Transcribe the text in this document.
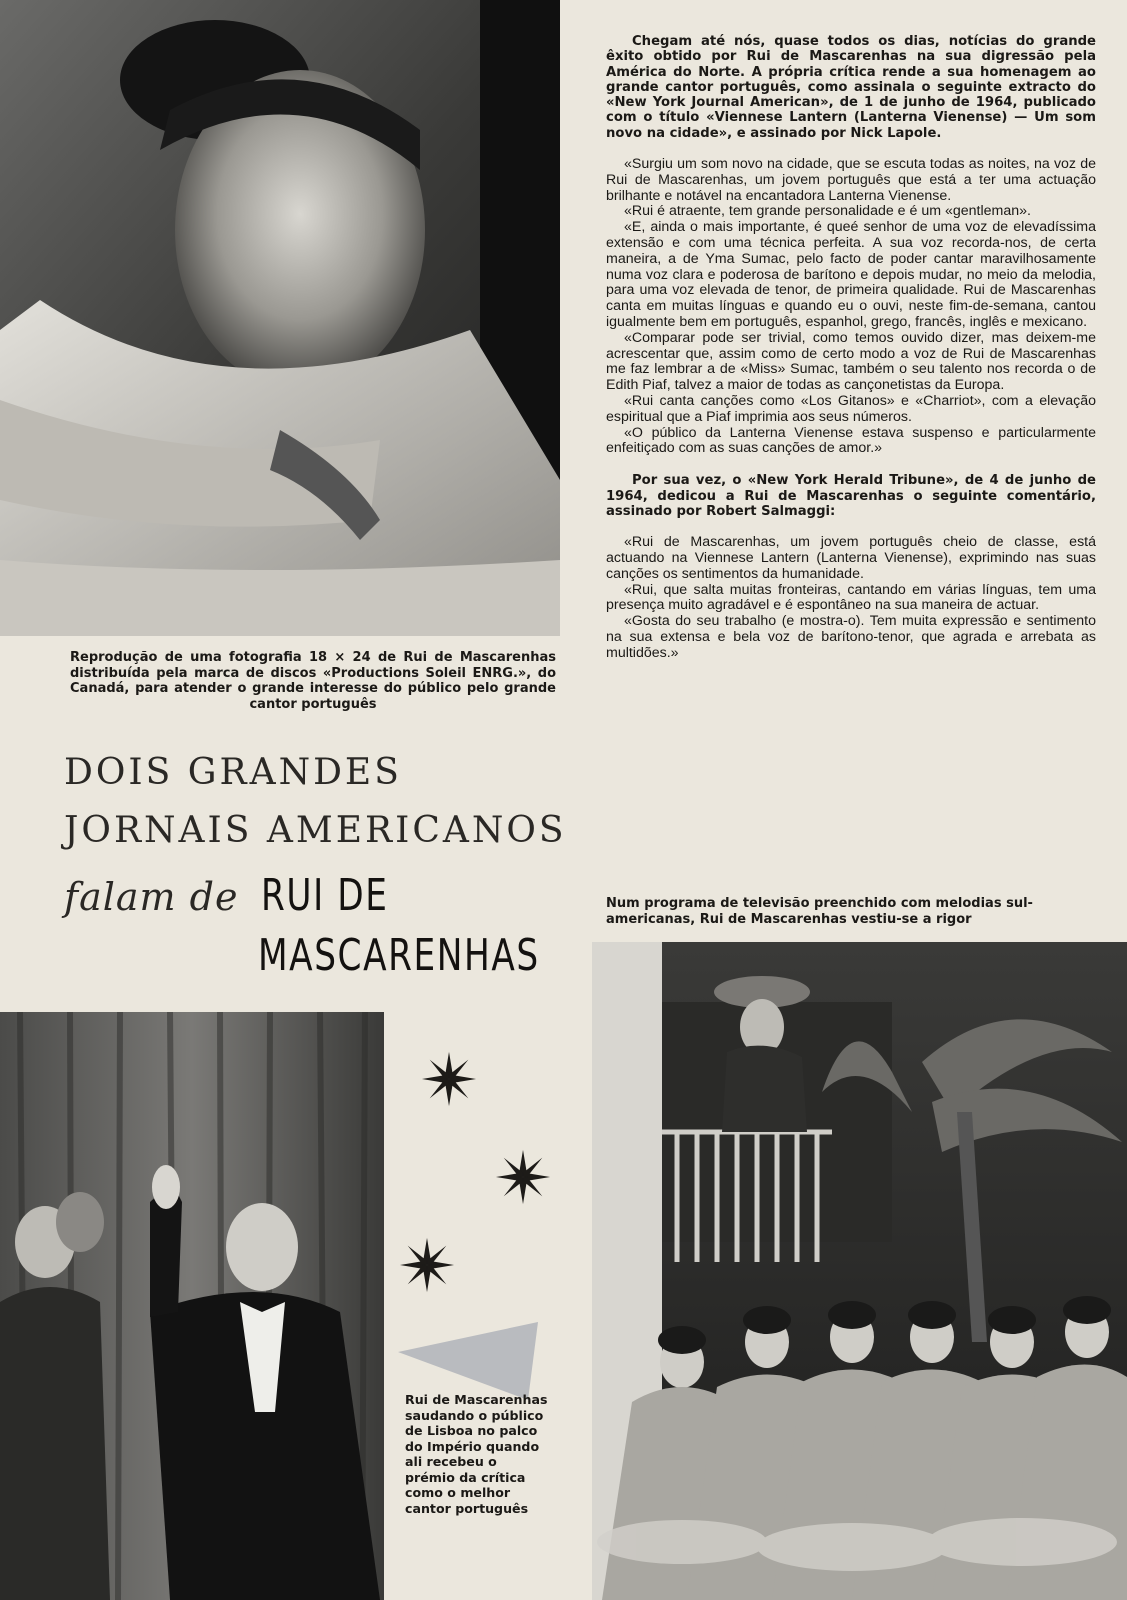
Reprodução de uma fotografia 18 × 24 de Rui de Mascarenhas distribuída pela marca de discos «Productions Soleil ENRG.», do Canadá, para atender o grande interesse do público pelo grande cantor português

DOIS GRANDES
JORNAIS AMERICANOS
falam de RUI DE
MASCARENHAS

Rui de Mascarenhas saudando o público de Lisboa no palco do Império quando ali recebeu o prémio da crítica como o melhor cantor português

Chegam até nós, quase todos os dias, notícias do grande êxito obtido por Rui de Mascarenhas na sua digressão pela América do Norte. A própria crítica rende a sua homenagem ao grande cantor português, como assinala o seguinte extracto do «New York Journal American», de 1 de junho de 1964, publicado com o título «Viennese Lantern (Lanterna Vienense) — Um som novo na cidade», e assinado por Nick Lapole.

«Surgiu um som novo na cidade, que se escuta todas as noites, na voz de Rui de Mascarenhas, um jovem português que está a ter uma actuação brilhante e notável na encantadora Lanterna Vienense.

«Rui é atraente, tem grande personalidade e é um «gentleman».

«E, ainda o mais importante, é queé senhor de uma voz de elevadíssima extensão e com uma técnica perfeita. A sua voz recorda-nos, de certa maneira, a de Yma Sumac, pelo facto de poder cantar maravilhosamente numa voz clara e poderosa de barítono e depois mudar, no meio da melodia, para uma voz elevada de tenor, de primeira qualidade. Rui de Mascarenhas canta em muitas línguas e quando eu o ouvi, neste fim-de-semana, cantou igualmente bem em português, espanhol, grego, francês, inglês e mexicano.

«Comparar pode ser trivial, como temos ouvido dizer, mas deixem-me acrescentar que, assim como de certo modo a voz de Rui de Mascarenhas me faz lembrar a de «Miss» Sumac, também o seu talento nos recorda o de Edith Piaf, talvez a maior de todas as cançonetistas da Europa.

«Rui canta canções como «Los Gitanos» e «Charriot», com a elevação espiritual que a Piaf imprimia aos seus números.

«O público da Lanterna Vienense estava suspenso e particularmente enfeitiçado com as suas canções de amor.»

Por sua vez, o «New York Herald Tribune», de 4 de junho de 1964, dedicou a Rui de Mascarenhas o seguinte comentário, assinado por Robert Salmaggi:

«Rui de Mascarenhas, um jovem português cheio de classe, está actuando na Viennese Lantern (Lanterna Vienense), exprimindo nas suas canções os sentimentos da humanidade.

«Rui, que salta muitas fronteiras, cantando em várias línguas, tem uma presença muito agradável e é espontâneo na sua maneira de actuar.

«Gosta do seu trabalho (e mostra-o). Tem muita expressão e sentimento na sua extensa e bela voz de barítono-tenor, que agrada e arrebata as multidões.»

Num programa de televisão preenchido com melodias sul-americanas, Rui de Mascarenhas vestiu-se a rigor
